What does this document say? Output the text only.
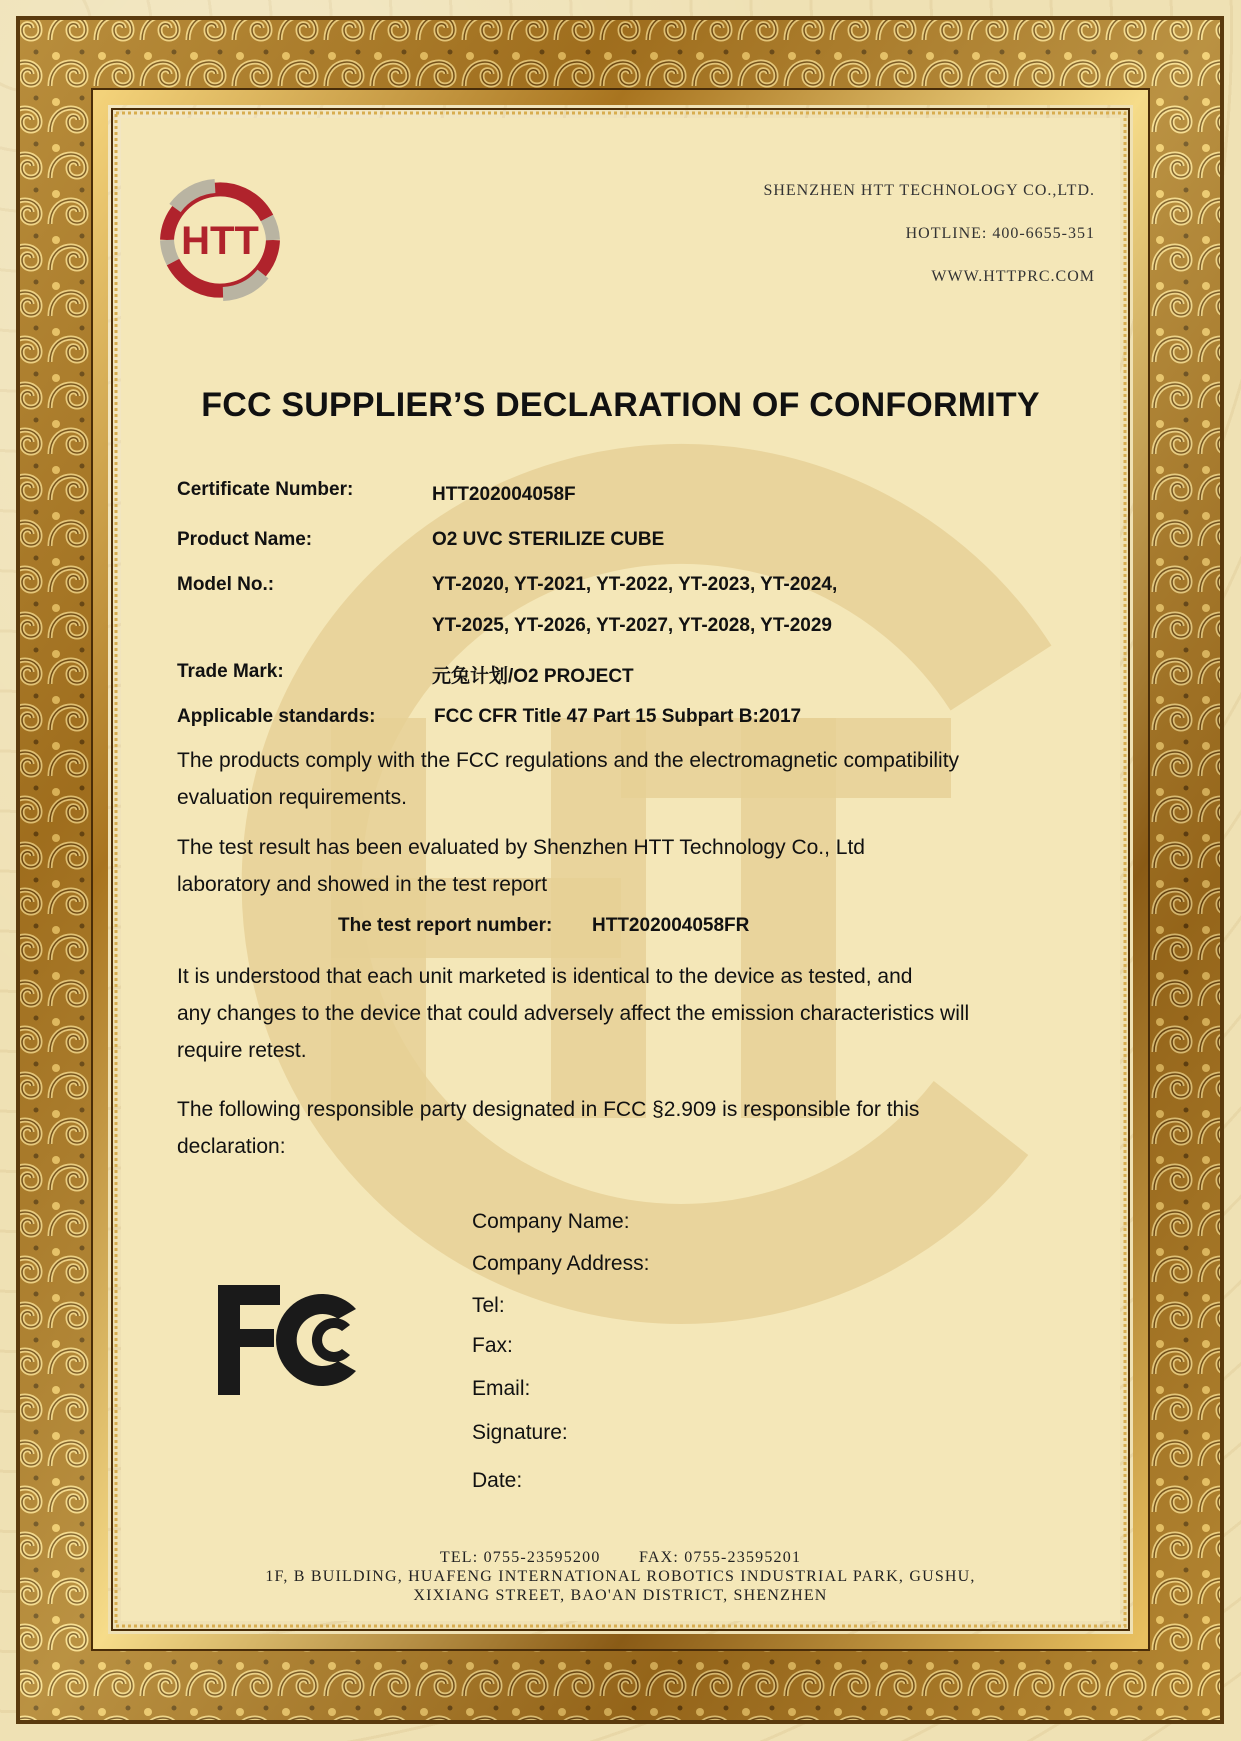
HTT
SHENZHEN HTT TECHNOLOGY CO.,LTD.
HOTLINE: 400-6655-351
WWW.HTTPRC.COM
FCC SUPPLIER’S DECLARATION OF CONFORMITY
Certificate Number:	HTT202004058F
Product Name:	O2 UVC STERILIZE CUBE
Model No.:	YT-2020, YT-2021, YT-2022, YT-2023, YT-2024,
YT-2025, YT-2026, YT-2027, YT-2028, YT-2029
Trade Mark:	元兔计划/O2 PROJECT
Applicable standards:	FCC CFR Title 47 Part 15 Subpart B:2017
The products comply with the FCC regulations and the electromagnetic compatibility
evaluation requirements.
The test result has been evaluated by Shenzhen HTT Technology Co., Ltd
laboratory and showed in the test report
The test report number: HTT202004058FR
It is understood that each unit marketed is identical to the device as tested, and
any changes to the device that could adversely affect the emission characteristics will
require retest.
The following responsible party designated in FCC §2.909 is responsible for this
declaration:
Company Name:
Company Address:
Tel:
Fax:
Email:
Signature:
Date:
TEL: 0755-23595200 FAX: 0755-23595201
1F, B BUILDING, HUAFENG INTERNATIONAL ROBOTICS INDUSTRIAL PARK, GUSHU,
XIXIANG STREET, BAO'AN DISTRICT, SHENZHEN
